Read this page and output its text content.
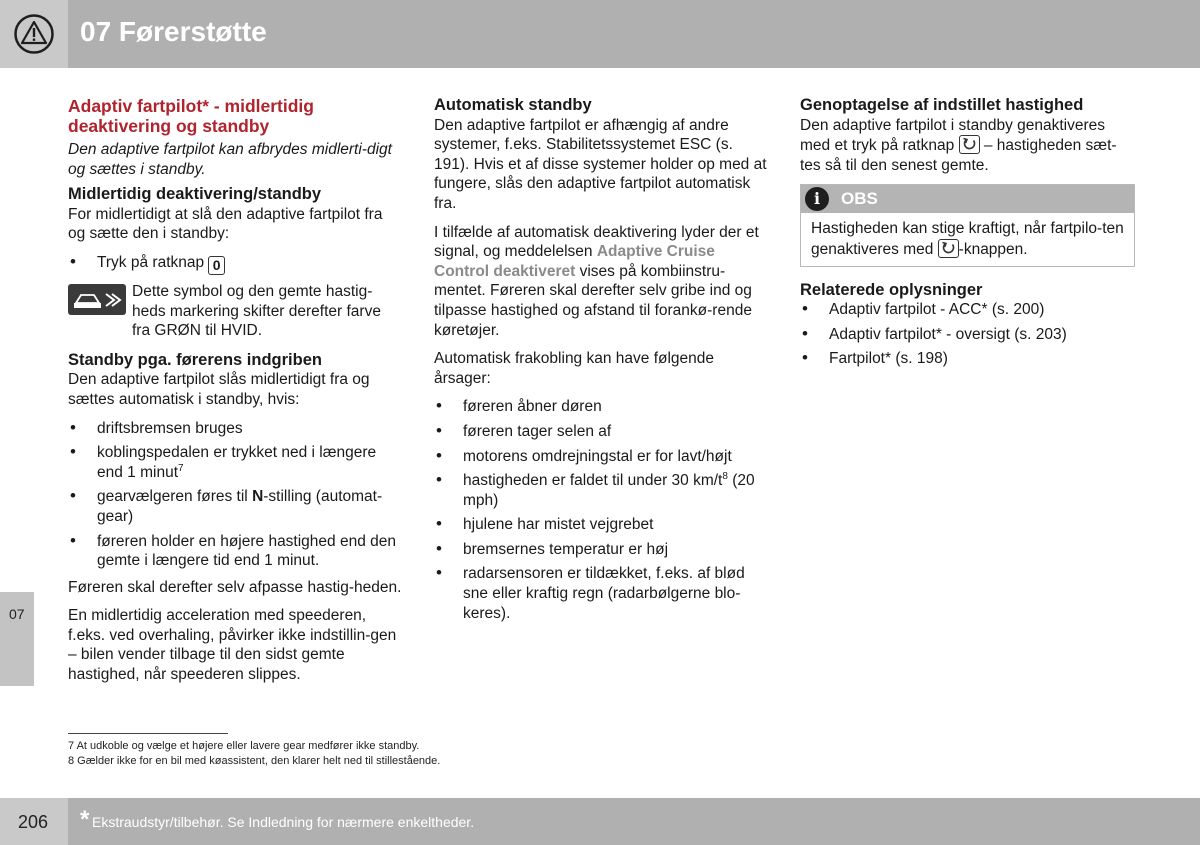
07 Førerstøtte
07
Adaptiv fartpilot* - midlertidig deaktivering og standby

Den adaptive fartpilot kan afbrydes midlerti-digt og sættes i standby.

Midlertidig deaktivering/standby

For midlertidigt at slå den adaptive fartpilot fra og sætte den i standby:

• Tryk på ratknap 0
Dette symbol og den gemte hastig-heds markering skifter derefter farve fra GRØN til HVID.
Standby pga. førerens indgriben

Den adaptive fartpilot slås midlertidigt fra og sættes automatisk i standby, hvis:

• driftsbremsen bruges
• koblingspedalen er trykket ned i længere end 1 minut$^7$
• gearvælgeren føres til N-stilling (automat-gear)
• føreren holder en højere hastighed end den gemte i længere tid end 1 minut.

Føreren skal derefter selv afpasse hastig-heden.

En midlertidig acceleration med speederen, f.eks. ved overhaling, påvirker ikke indstillin-gen – bilen vender tilbage til den sidst gemte hastighed, når speederen slippes.

Automatisk standby

Den adaptive fartpilot er afhængig af andre systemer, f.eks. Stabilitetssystemet ESC (s. 191). Hvis et af disse systemer holder op med at fungere, slås den adaptive fartpilot automatisk fra.

I tilfælde af automatisk deaktivering lyder der et signal, og meddelelsen Adaptive Cruise Control deaktiveret vises på kombiinstru-mentet. Føreren skal derefter selv gribe ind og tilpasse hastighed og afstand til forankø-rende køretøjer.

Automatisk frakobling kan have følgende årsager:

• føreren åbner døren
• føreren tager selen af
• motorens omdrejningstal er for lavt/højt
• hastigheden er faldet til under 30 $km/t^8$ (20 mph)
• hjulene har mistet vejgrebet
• bremsernes temperatur er høj
• radarsensoren er tildækket, f.eks. af blød sne eller kraftig regn (radarbølgerne blo-keres).
Genoptagelse af indstillet hastighed

Den adaptive fartpilot i standby genaktiveres med et tryk på ratknap
– hastigheden sæt-tes så til den senest gemte.

i	OBS
Hastigheden kan stige kraftigt, når fartpilo-ten genaktiveres med
-knappen.
Relaterede oplysninger
• Adaptiv fartpilot - ACC* (s. 200)
• Adaptiv fartpilot* - oversigt (s. 203)
• Fartpilot* (s. 198)
7 At udkoble og vælge et højere eller lavere gear medfører ikke standby.
8 Gælder ikke for en bil med køassistent, den klarer helt ned til stillestående.
206 * Ekstraudstyr/tilbehør. Se Indledning for nærmere enkeltheder.
